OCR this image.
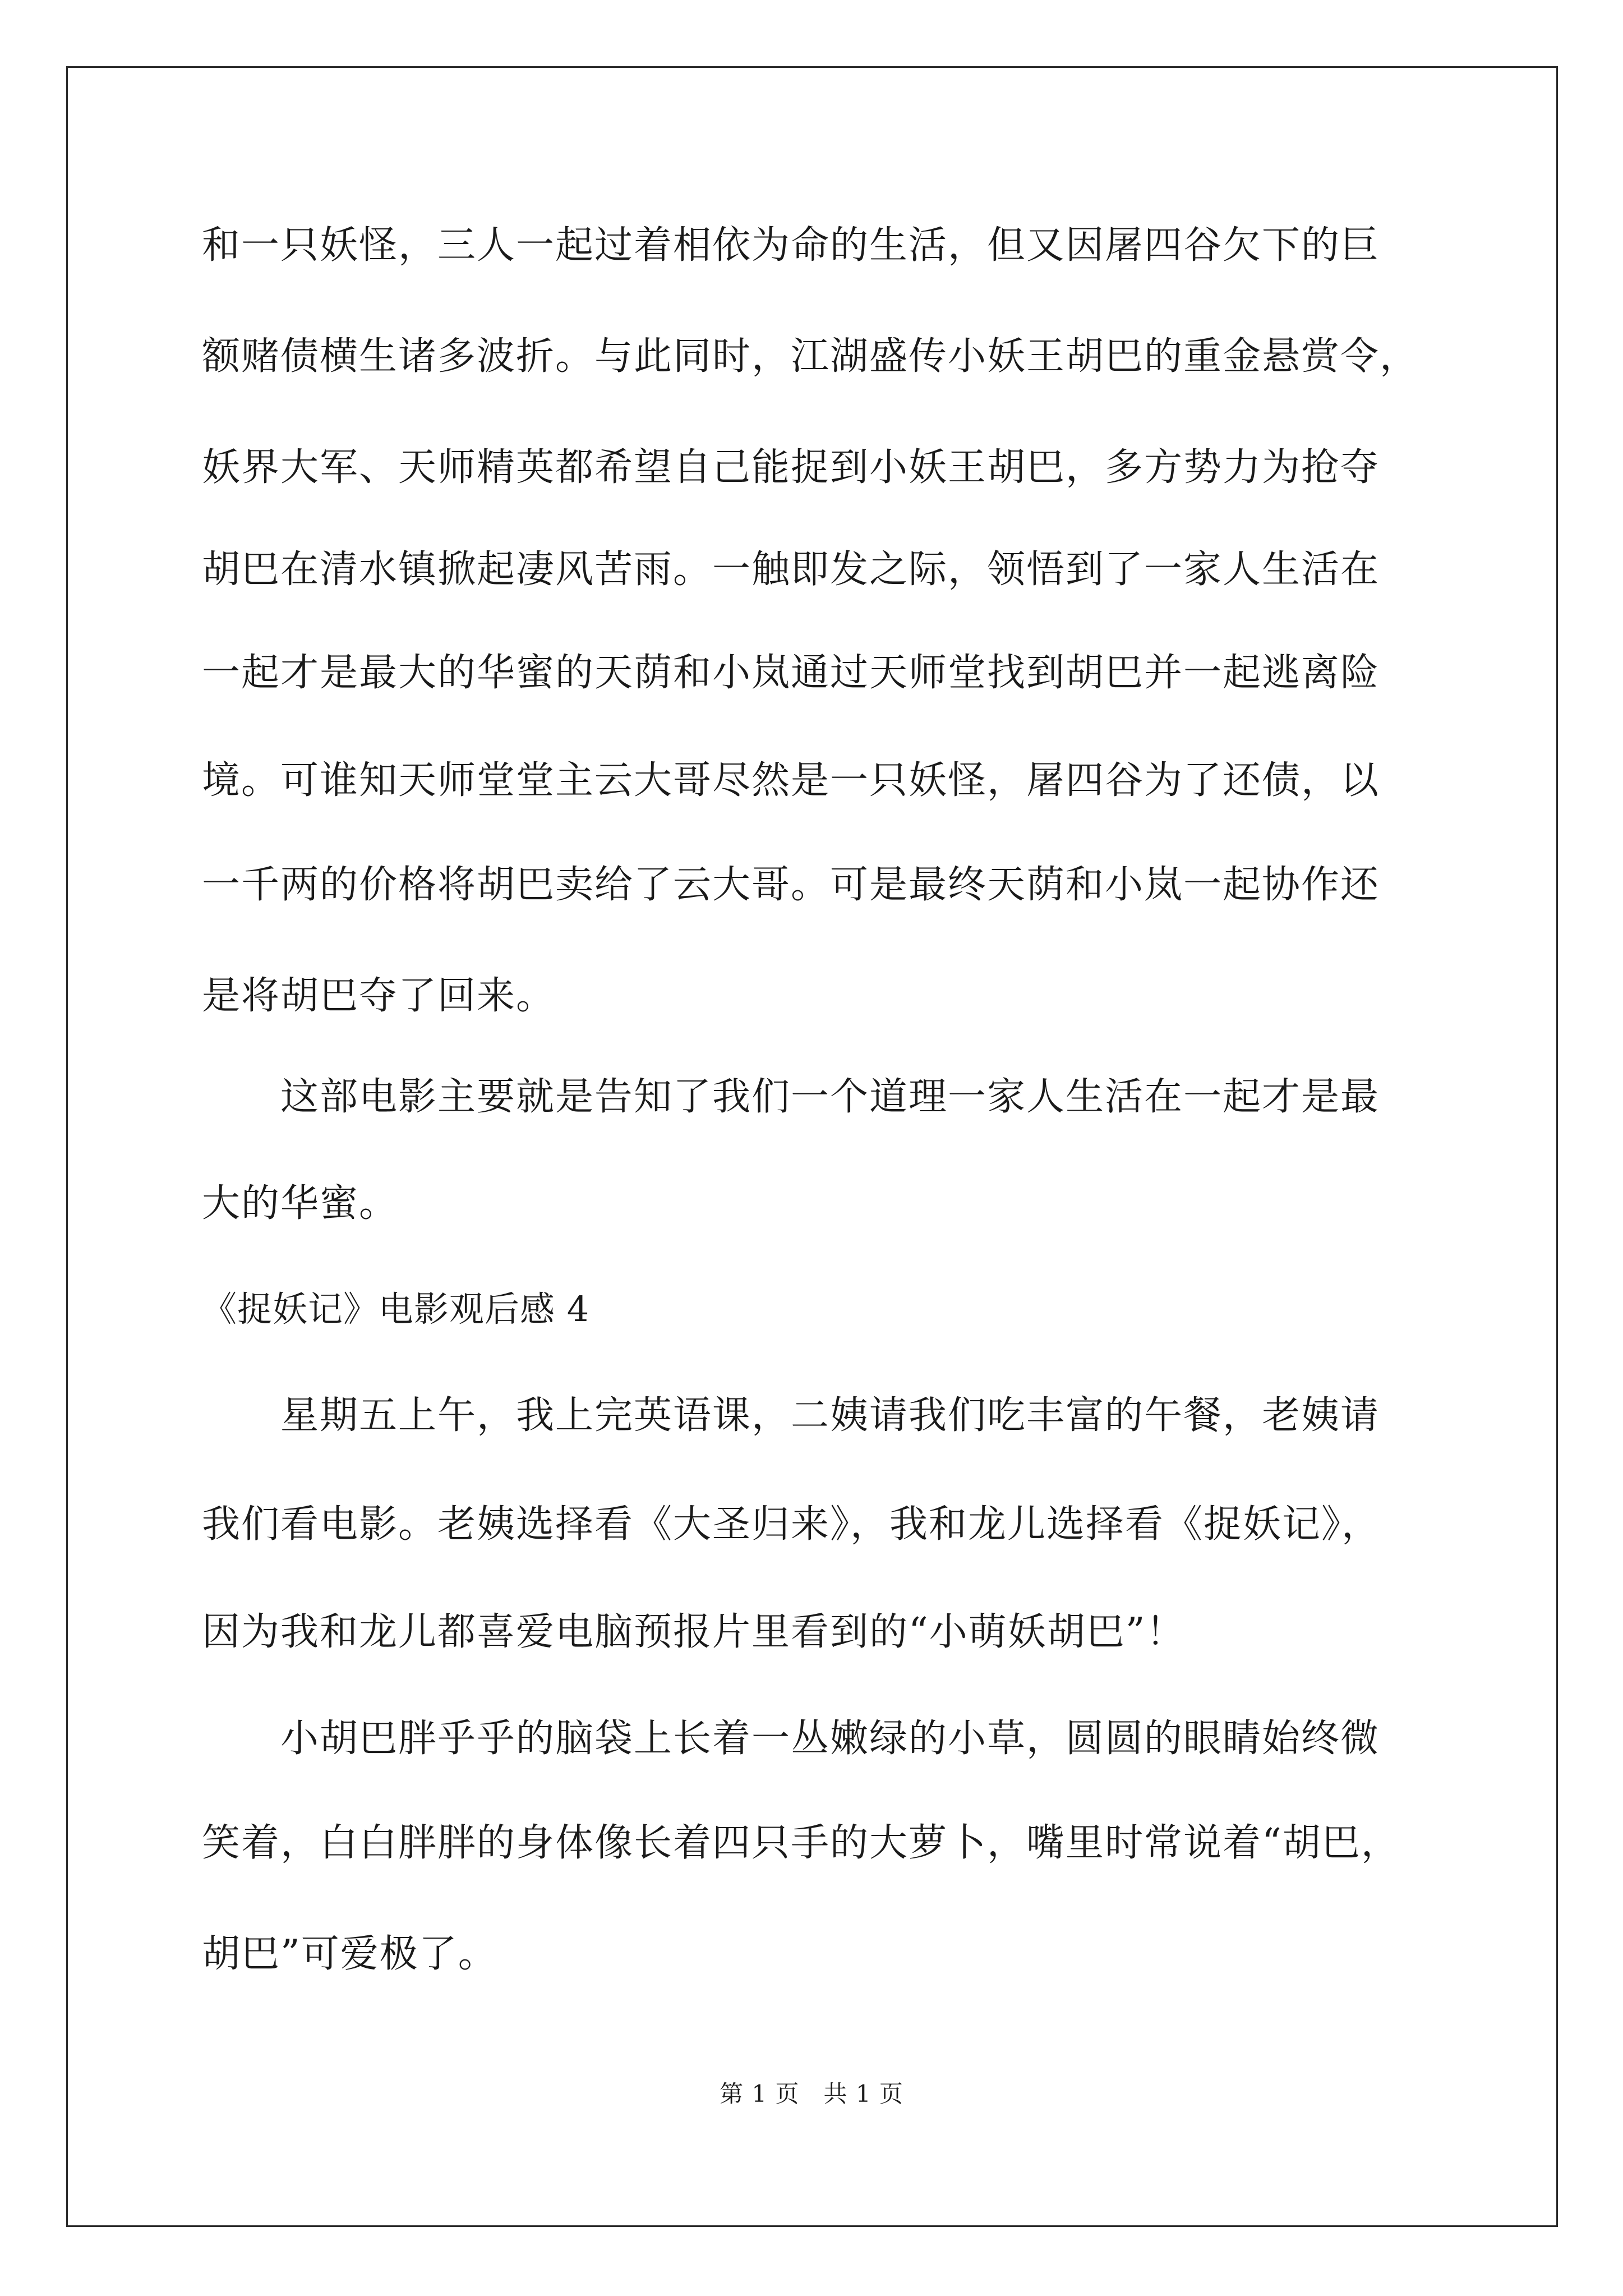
和一只妖怪，三人一起过着相依为命的生活，但又因屠四谷欠下的巨
额赌债横生诸多波折。与此同时，江湖盛传小妖王胡巴的重金悬赏令，
妖界大军、天师精英都希望自己能捉到小妖王胡巴，多方势力为抢夺
胡巴在清水镇掀起凄风苦雨。一触即发之际，领悟到了一家人生活在
一起才是最大的华蜜的天荫和小岚通过天师堂找到胡巴并一起逃离险
境。可谁知天师堂堂主云大哥尽然是一只妖怪，屠四谷为了还债，以
一千两的价格将胡巴卖给了云大哥。可是最终天荫和小岚一起协作还
是将胡巴夺了回来。
这部电影主要就是告知了我们一个道理一家人生活在一起才是最
大的华蜜。
《捉妖记》电影观后感 4
星期五上午，我上完英语课，二姨请我们吃丰富的午餐，老姨请
我们看电影。老姨选择看《大圣归来》，我和龙儿选择看《捉妖记》，
因为我和龙儿都喜爱电脑预报片里看到的“小萌妖胡巴”！
小胡巴胖乎乎的脑袋上长着一丛嫩绿的小草，圆圆的眼睛始终微
笑着，白白胖胖的身体像长着四只手的大萝卜，嘴里时常说着“胡巴，
胡巴”可爱极了。
第 1 页　共 1 页
